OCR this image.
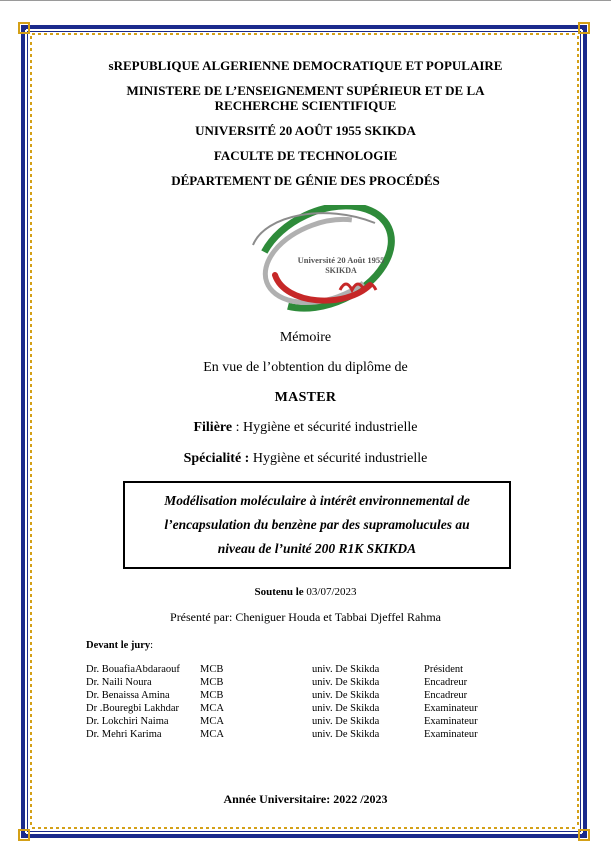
sREPUBLIQUE ALGERIENNE DEMOCRATIQUE ET POPULAIRE
MINISTERE DE L’ENSEIGNEMENT SUPÉRIEUR ET DE LA RECHERCHE SCIENTIFIQUE
UNIVERSITÉ 20 AOÛT 1955 SKIKDA
FACULTE DE TECHNOLOGIE
DÉPARTEMENT DE GÉNIE DES PROCÉDÉS
Université 20 Août 1955
SKIKDA
Mémoire
En vue de l’obtention du diplôme de
MASTER
Filière : Hygiène et sécurité industrielle
Spécialité : Hygiène et sécurité industrielle
Modélisation moléculaire à intérêt environnemental de
l’encapsulation du benzène par des supramolucules au
niveau de l’unité 200 R1K SKIKDA
Soutenu le 03/07/2023
Présenté par: Cheniguer Houda et Tabbai Djeffel Rahma
Devant le jury:
Dr. BouafiaAbdaraouf	MCB	univ. De Skikda	Président
Dr. Naili Noura	MCB	univ. De Skikda	Encadreur
Dr. Benaissa Amina	MCB	univ. De Skikda	Encadreur
Dr .Bouregbi Lakhdar	MCA	univ. De Skikda	Examinateur
Dr. Lokchiri Naima	MCA	univ. De Skikda	Examinateur
Dr. Mehri Karima	MCA	univ. De Skikda	Examinateur
Année Universitaire: 2022 /2023
